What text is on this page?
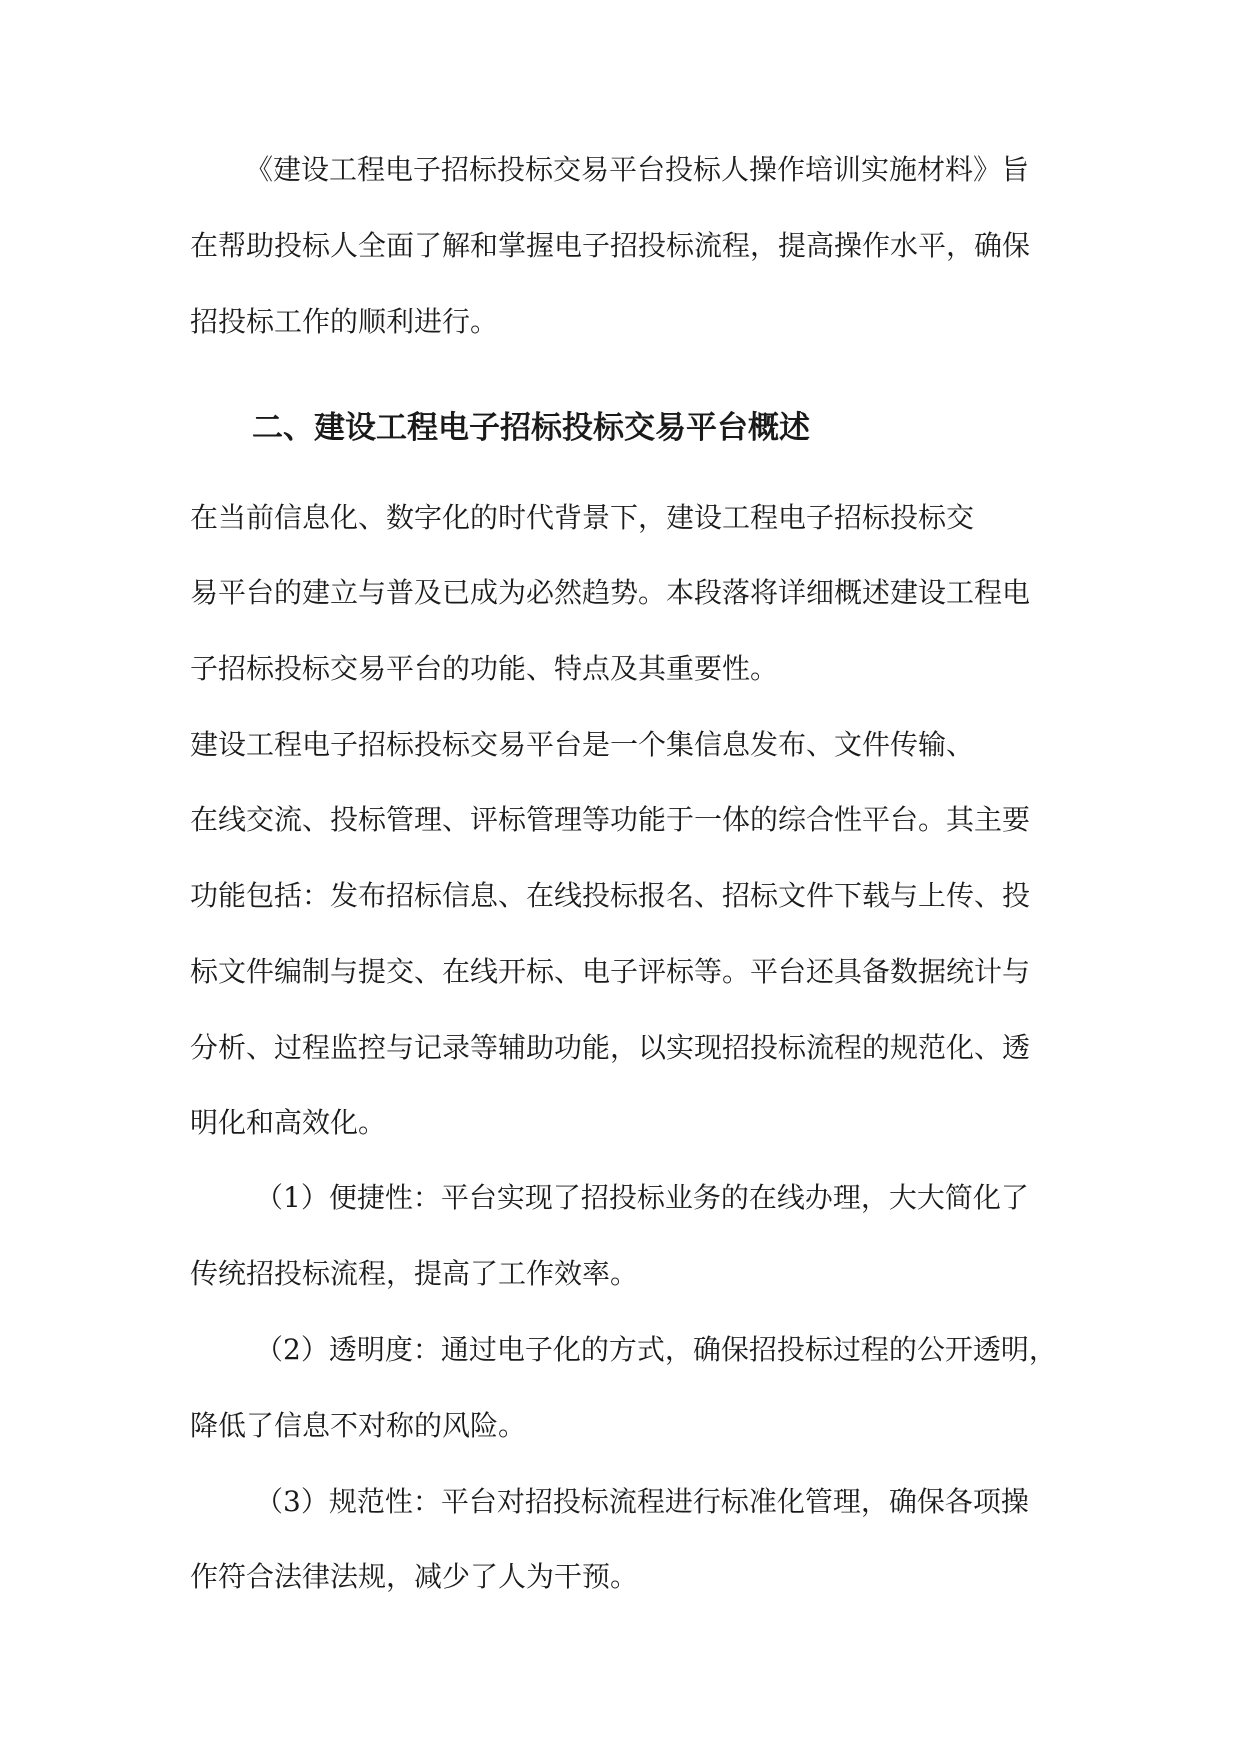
《建设工程电子招标投标交易平台投标人操作培训实施材料》旨
在帮助投标人全面了解和掌握电子招投标流程，提高操作水平，确保
招投标工作的顺利进行。
二、建设工程电子招标投标交易平台概述
在当前信息化、数字化的时代背景下，建设工程电子招标投标交
易平台的建立与普及已成为必然趋势。本段落将详细概述建设工程电
子招标投标交易平台的功能、特点及其重要性。
建设工程电子招标投标交易平台是一个集信息发布、文件传输、
在线交流、投标管理、评标管理等功能于一体的综合性平台。其主要
功能包括：发布招标信息、在线投标报名、招标文件下载与上传、投
标文件编制与提交、在线开标、电子评标等。平台还具备数据统计与
分析、过程监控与记录等辅助功能，以实现招投标流程的规范化、透
明化和高效化。
（1）便捷性：平台实现了招投标业务的在线办理，大大简化了
传统招投标流程，提高了工作效率。
（2）透明度：通过电子化的方式，确保招投标过程的公开透明，
降低了信息不对称的风险。
（3）规范性：平台对招投标流程进行标准化管理，确保各项操
作符合法律法规，减少了人为干预。
